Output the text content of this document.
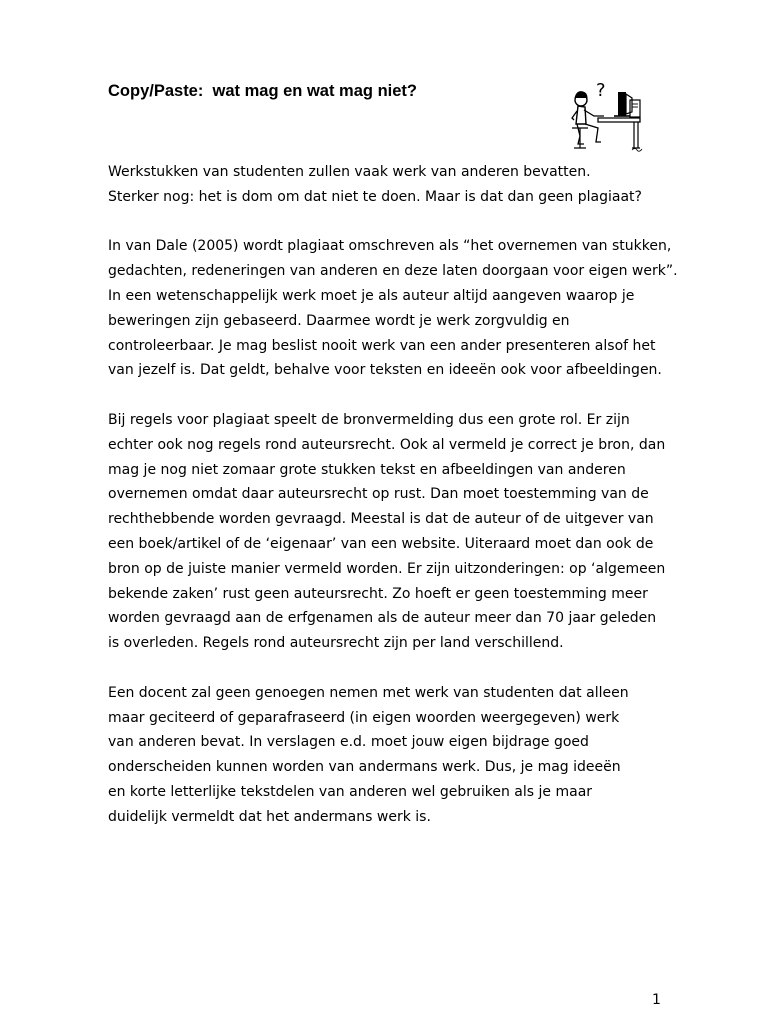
Copy/Paste:  wat mag en wat mag niet?	?

Werkstukken van studenten zullen vaak werk van anderen bevatten.
Sterker nog: het is dom om dat niet te doen. Maar is dat dan geen plagiaat?

In van Dale (2005) wordt plagiaat omschreven als “het overnemen van stukken,
gedachten, redeneringen van anderen en deze laten doorgaan voor eigen werk”.
In een wetenschappelijk werk moet je als auteur altijd aangeven waarop je
beweringen zijn gebaseerd. Daarmee wordt je werk zorgvuldig en
controleerbaar. Je mag beslist nooit werk van een ander presenteren alsof het
van jezelf is. Dat geldt, behalve voor teksten en ideeën ook voor afbeeldingen.

Bij regels voor plagiaat speelt de bronvermelding dus een grote rol. Er zijn
echter ook nog regels rond auteursrecht. Ook al vermeld je correct je bron, dan
mag je nog niet zomaar grote stukken tekst en afbeeldingen van anderen
overnemen omdat daar auteursrecht op rust. Dan moet toestemming van de
rechthebbende worden gevraagd. Meestal is dat de auteur of de uitgever van
een boek/artikel of de ‘eigenaar’ van een website. Uiteraard moet dan ook de
bron op de juiste manier vermeld worden. Er zijn uitzonderingen: op ‘algemeen
bekende zaken’ rust geen auteursrecht. Zo hoeft er geen toestemming meer
worden gevraagd aan de erfgenamen als de auteur meer dan 70 jaar geleden
is overleden. Regels rond auteursrecht zijn per land verschillend.

Een docent zal geen genoegen nemen met werk van studenten dat alleen
maar geciteerd of geparafraseerd (in eigen woorden weergegeven) werk
van anderen bevat. In verslagen e.d. moet jouw eigen bijdrage goed
onderscheiden kunnen worden van andermans werk. Dus, je mag ideeën
en korte letterlijke tekstdelen van anderen wel gebruiken als je maar
duidelijk vermeldt dat het andermans werk is.

1
